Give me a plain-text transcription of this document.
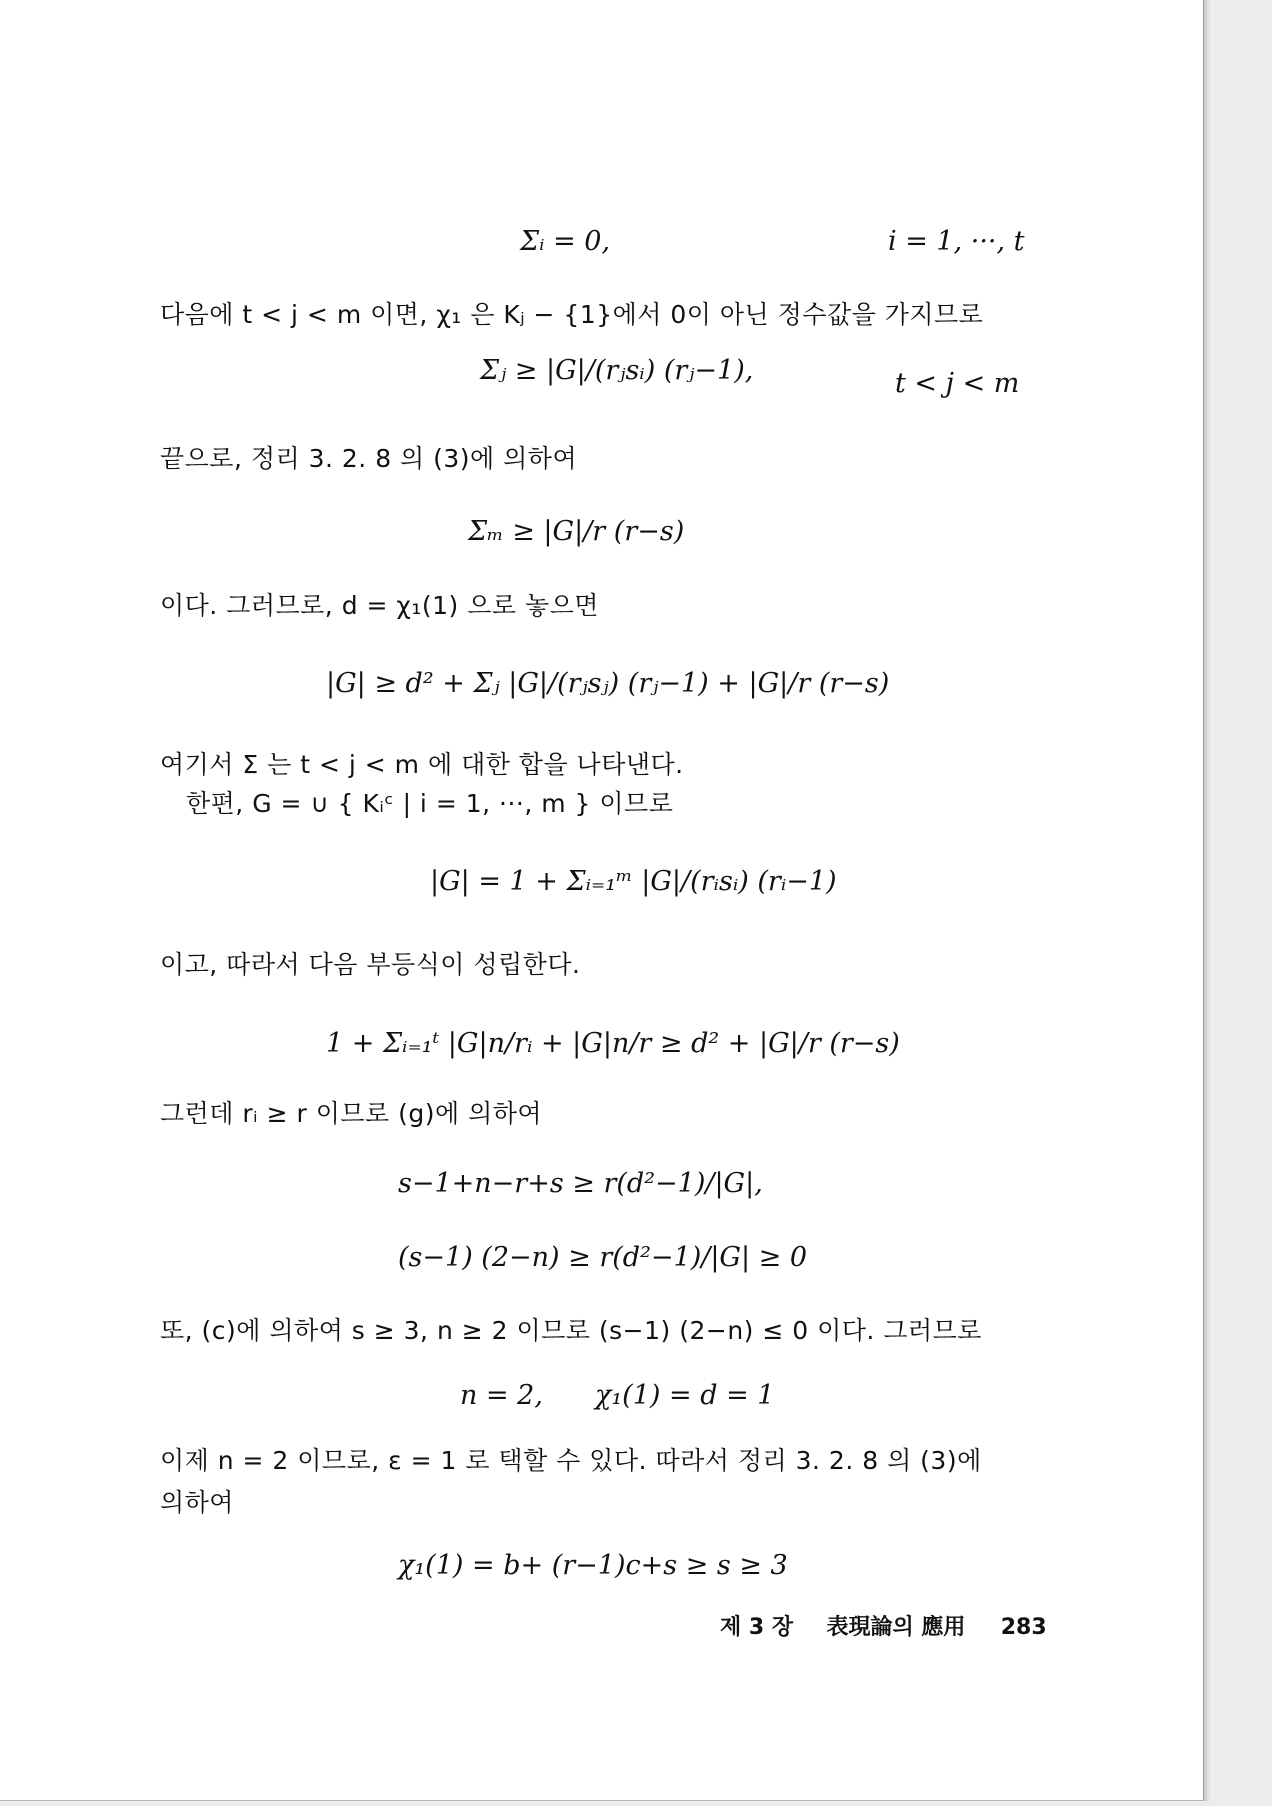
Σᵢ = 0,	i = 1, ···, t
다음에 t < j < m 이면, χ₁ 은 Kⱼ − {1}에서 0이 아닌 정수값을 가지므로
Σⱼ ≥ |G|/(rⱼsᵢ) (rⱼ−1),	t < j < m
끝으로, 정리 3. 2. 8 의 (3)에 의하여
Σₘ ≥ |G|/r (r−s)
이다. 그러므로, d = χ₁(1) 으로 놓으면
|G| ≥ d² + Σⱼ |G|/(rⱼsⱼ) (rⱼ−1) + |G|/r (r−s)
여기서 Σ 는 t < j < m 에 대한 합을 나타낸다.
한편, G = ∪ { Kᵢᶜ | i = 1, ···, m } 이므로
|G| = 1 + Σᵢ₌₁ᵐ |G|/(rᵢsᵢ) (rᵢ−1)
이고, 따라서 다음 부등식이 성립한다.
1 + Σᵢ₌₁ᵗ |G|n/rᵢ + |G|n/r ≥ d² + |G|/r (r−s)
그런데 rᵢ ≥ r 이므로 (g)에 의하여
s−1+n−r+s ≥ r(d²−1)/|G|,
(s−1) (2−n) ≥ r(d²−1)/|G| ≥ 0
또, (c)에 의하여 s ≥ 3, n ≥ 2 이므로 (s−1) (2−n) ≤ 0 이다. 그러므로
n = 2, χ₁(1) = d = 1
이제 n = 2 이므로, ε = 1 로 택할 수 있다. 따라서 정리 3. 2. 8 의 (3)에
의하여
χ₁(1) = b+ (r−1)c+s ≥ s ≥ 3
제 3 장 表現論의 應用 283
